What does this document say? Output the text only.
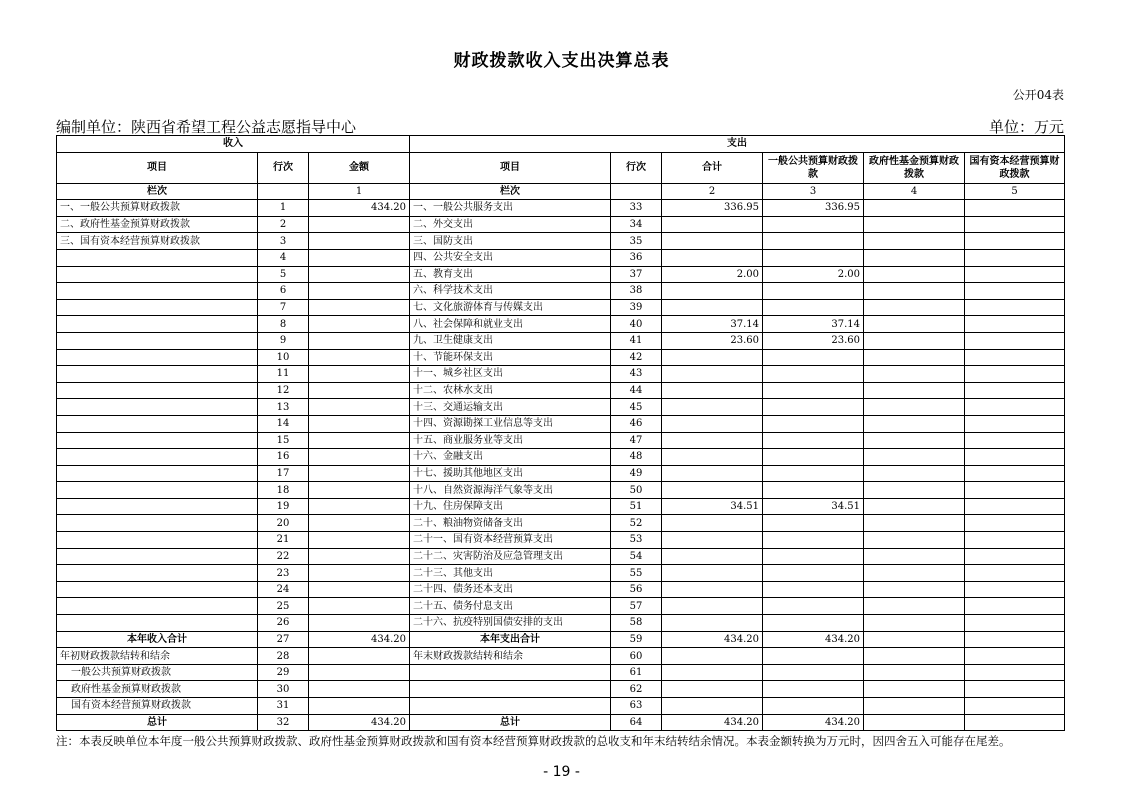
财政拨款收入支出决算总表
公开04表
编制单位：陕西省希望工程公益志愿指导中心	单位：万元
收入			支出					
项目	行次	金额	项目	行次	合计	一般公共预算财政拨款	政府性基金预算财政拨款	国有资本经营预算财政拨款
栏次		1	栏次		2	3	4	5
一、一般公共预算财政拨款	1	434.20	一、一般公共服务支出	33	336.95	336.95		
二、政府性基金预算财政拨款	2		二、外交支出	34				
三、国有资本经营预算财政拨款	3		三、国防支出	35				
	4		四、公共安全支出	36				
	5		五、教育支出	37	2.00	2.00		
	6		六、科学技术支出	38				
	7		七、文化旅游体育与传媒支出	39				
	8		八、社会保障和就业支出	40	37.14	37.14		
	9		九、卫生健康支出	41	23.60	23.60		
	10		十、节能环保支出	42				
	11		十一、城乡社区支出	43				
	12		十二、农林水支出	44				
	13		十三、交通运输支出	45				
	14		十四、资源勘探工业信息等支出	46				
	15		十五、商业服务业等支出	47				
	16		十六、金融支出	48				
	17		十七、援助其他地区支出	49				
	18		十八、自然资源海洋气象等支出	50				
	19		十九、住房保障支出	51	34.51	34.51		
	20		二十、粮油物资储备支出	52				
	21		二十一、国有资本经营预算支出	53				
	22		二十二、灾害防治及应急管理支出	54				
	23		二十三、其他支出	55				
	24		二十四、债务还本支出	56				
	25		二十五、债务付息支出	57				
	26		二十六、抗疫特别国债安排的支出	58				
本年收入合计	27	434.20	本年支出合计	59	434.20	434.20		
年初财政拨款结转和结余	28		年末财政拨款结转和结余	60				
一般公共预算财政拨款	29			61				
政府性基金预算财政拨款	30			62				
国有资本经营预算财政拨款	31			63				
总计	32	434.20	总计	64	434.20	434.20		
注：本表反映单位本年度一般公共预算财政拨款、政府性基金预算财政拨款和国有资本经营预算财政拨款的总收支和年末结转结余情况。本表金额转换为万元时，因四舍五入可能存在尾差。
- 19 -
